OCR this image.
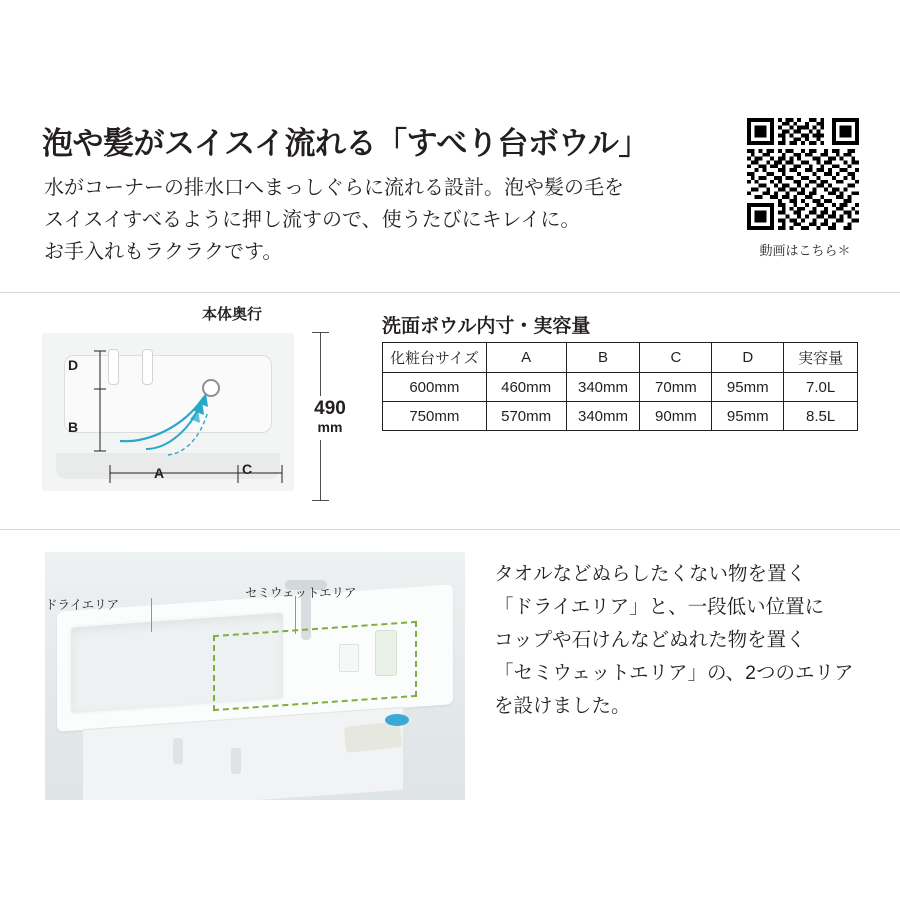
泡や髪がスイスイ流れる「すべり台ボウル」
水がコーナーの排水口へまっしぐらに流れる設計。泡や髪の毛を
スイスイすべるように押し流すので、使うたびにキレイに。
お手入れもラクラクです。	動画はこちら＊
D
B
A	C
本体奥行
490
mm
洗面ボウル内寸・実容量
化粧台サイズ	A	B	C	D	実容量
600mm	460mm	340mm	70mm	95mm	7.0L
750mm	570mm	340mm	90mm	95mm	8.5L
ドライエリア
セミウェットエリア
タオルなどぬらしたくない物を置く
「ドライエリア」と、一段低い位置に
コップや石けんなどぬれた物を置く
「セミウェットエリア」の、2つのエリア
を設けました。
